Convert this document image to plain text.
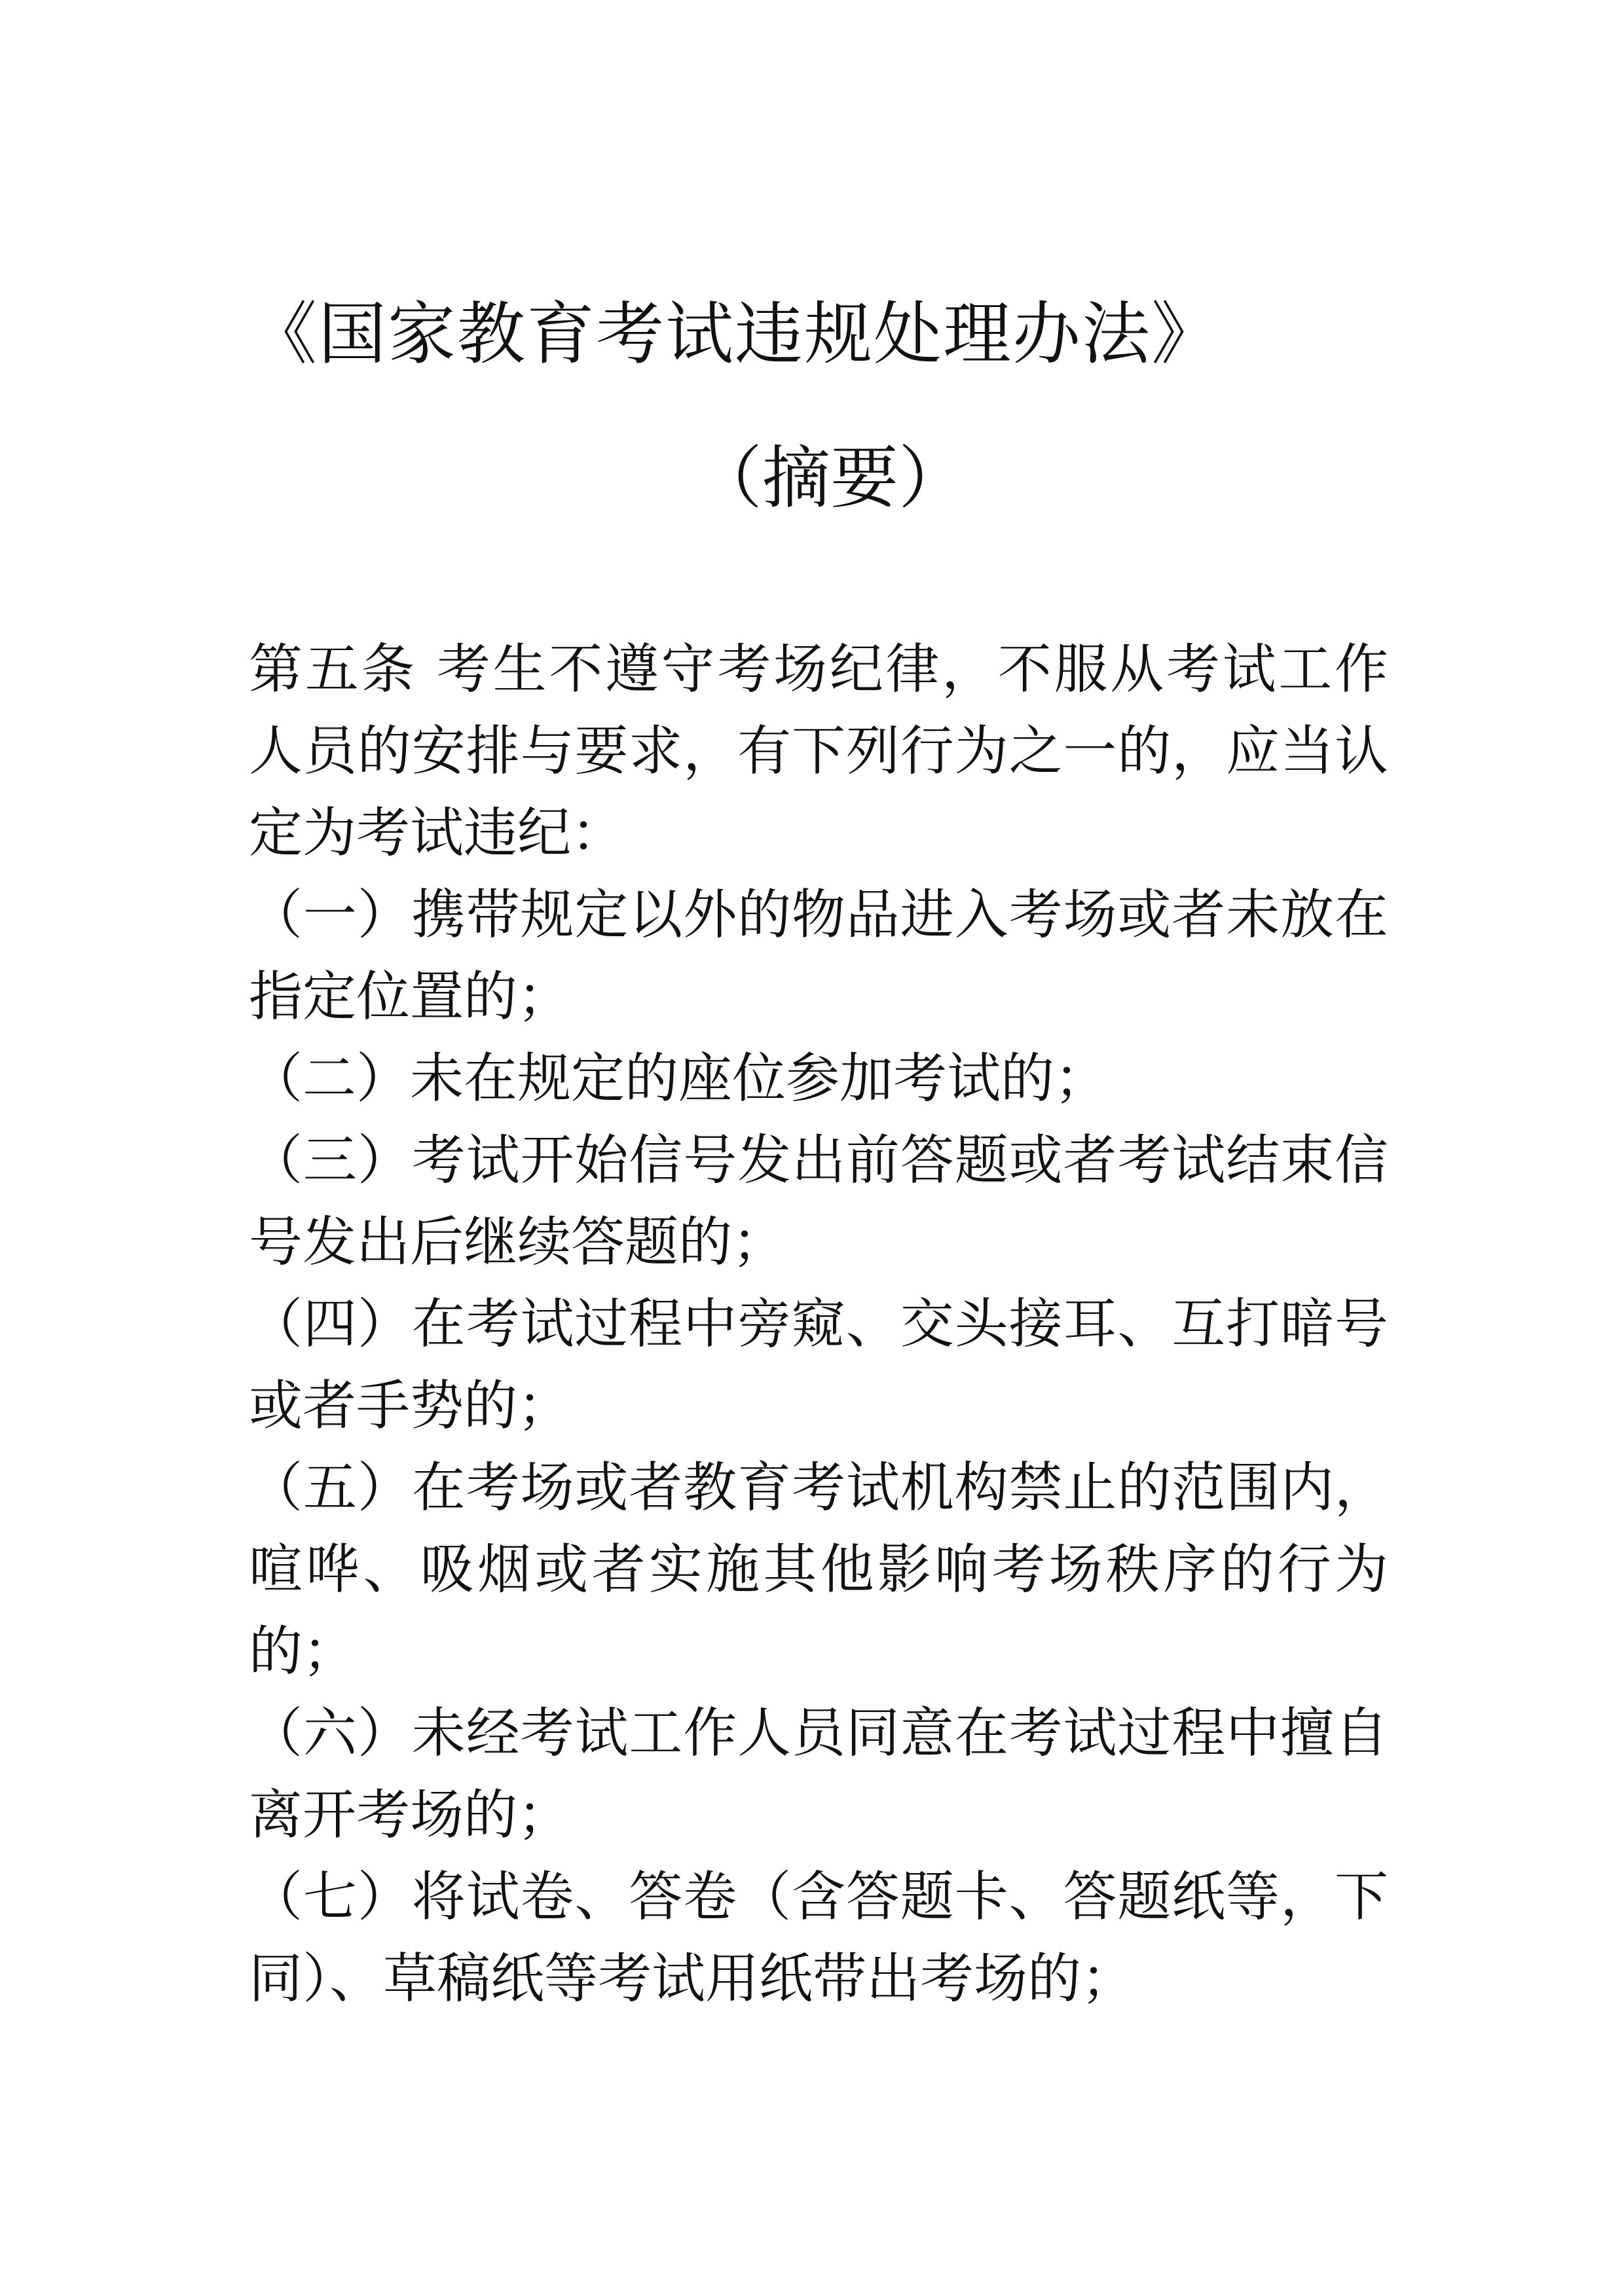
《国家教育考试违规处理办法》
（摘要）

第五条 考生不遵守考场纪律，不服从考试工作人员的安排与要求，有下列行为之一的，应当认定为考试违纪：

（一）携带规定以外的物品进入考场或者未放在指定位置的；

（二）未在规定的座位参加考试的；

（三）考试开始信号发出前答题或者考试结束信号发出后继续答题的；

（四）在考试过程中旁窥、交头接耳、互打暗号或者手势的；

（五）在考场或者教育考试机构禁止的范围内，喧哗、吸烟或者实施其他影响考场秩序的行为的；

（六）未经考试工作人员同意在考试过程中擅自离开考场的；

（七）将试卷、答卷（含答题卡、答题纸等，下同）、草稿纸等考试用纸带出考场的；
